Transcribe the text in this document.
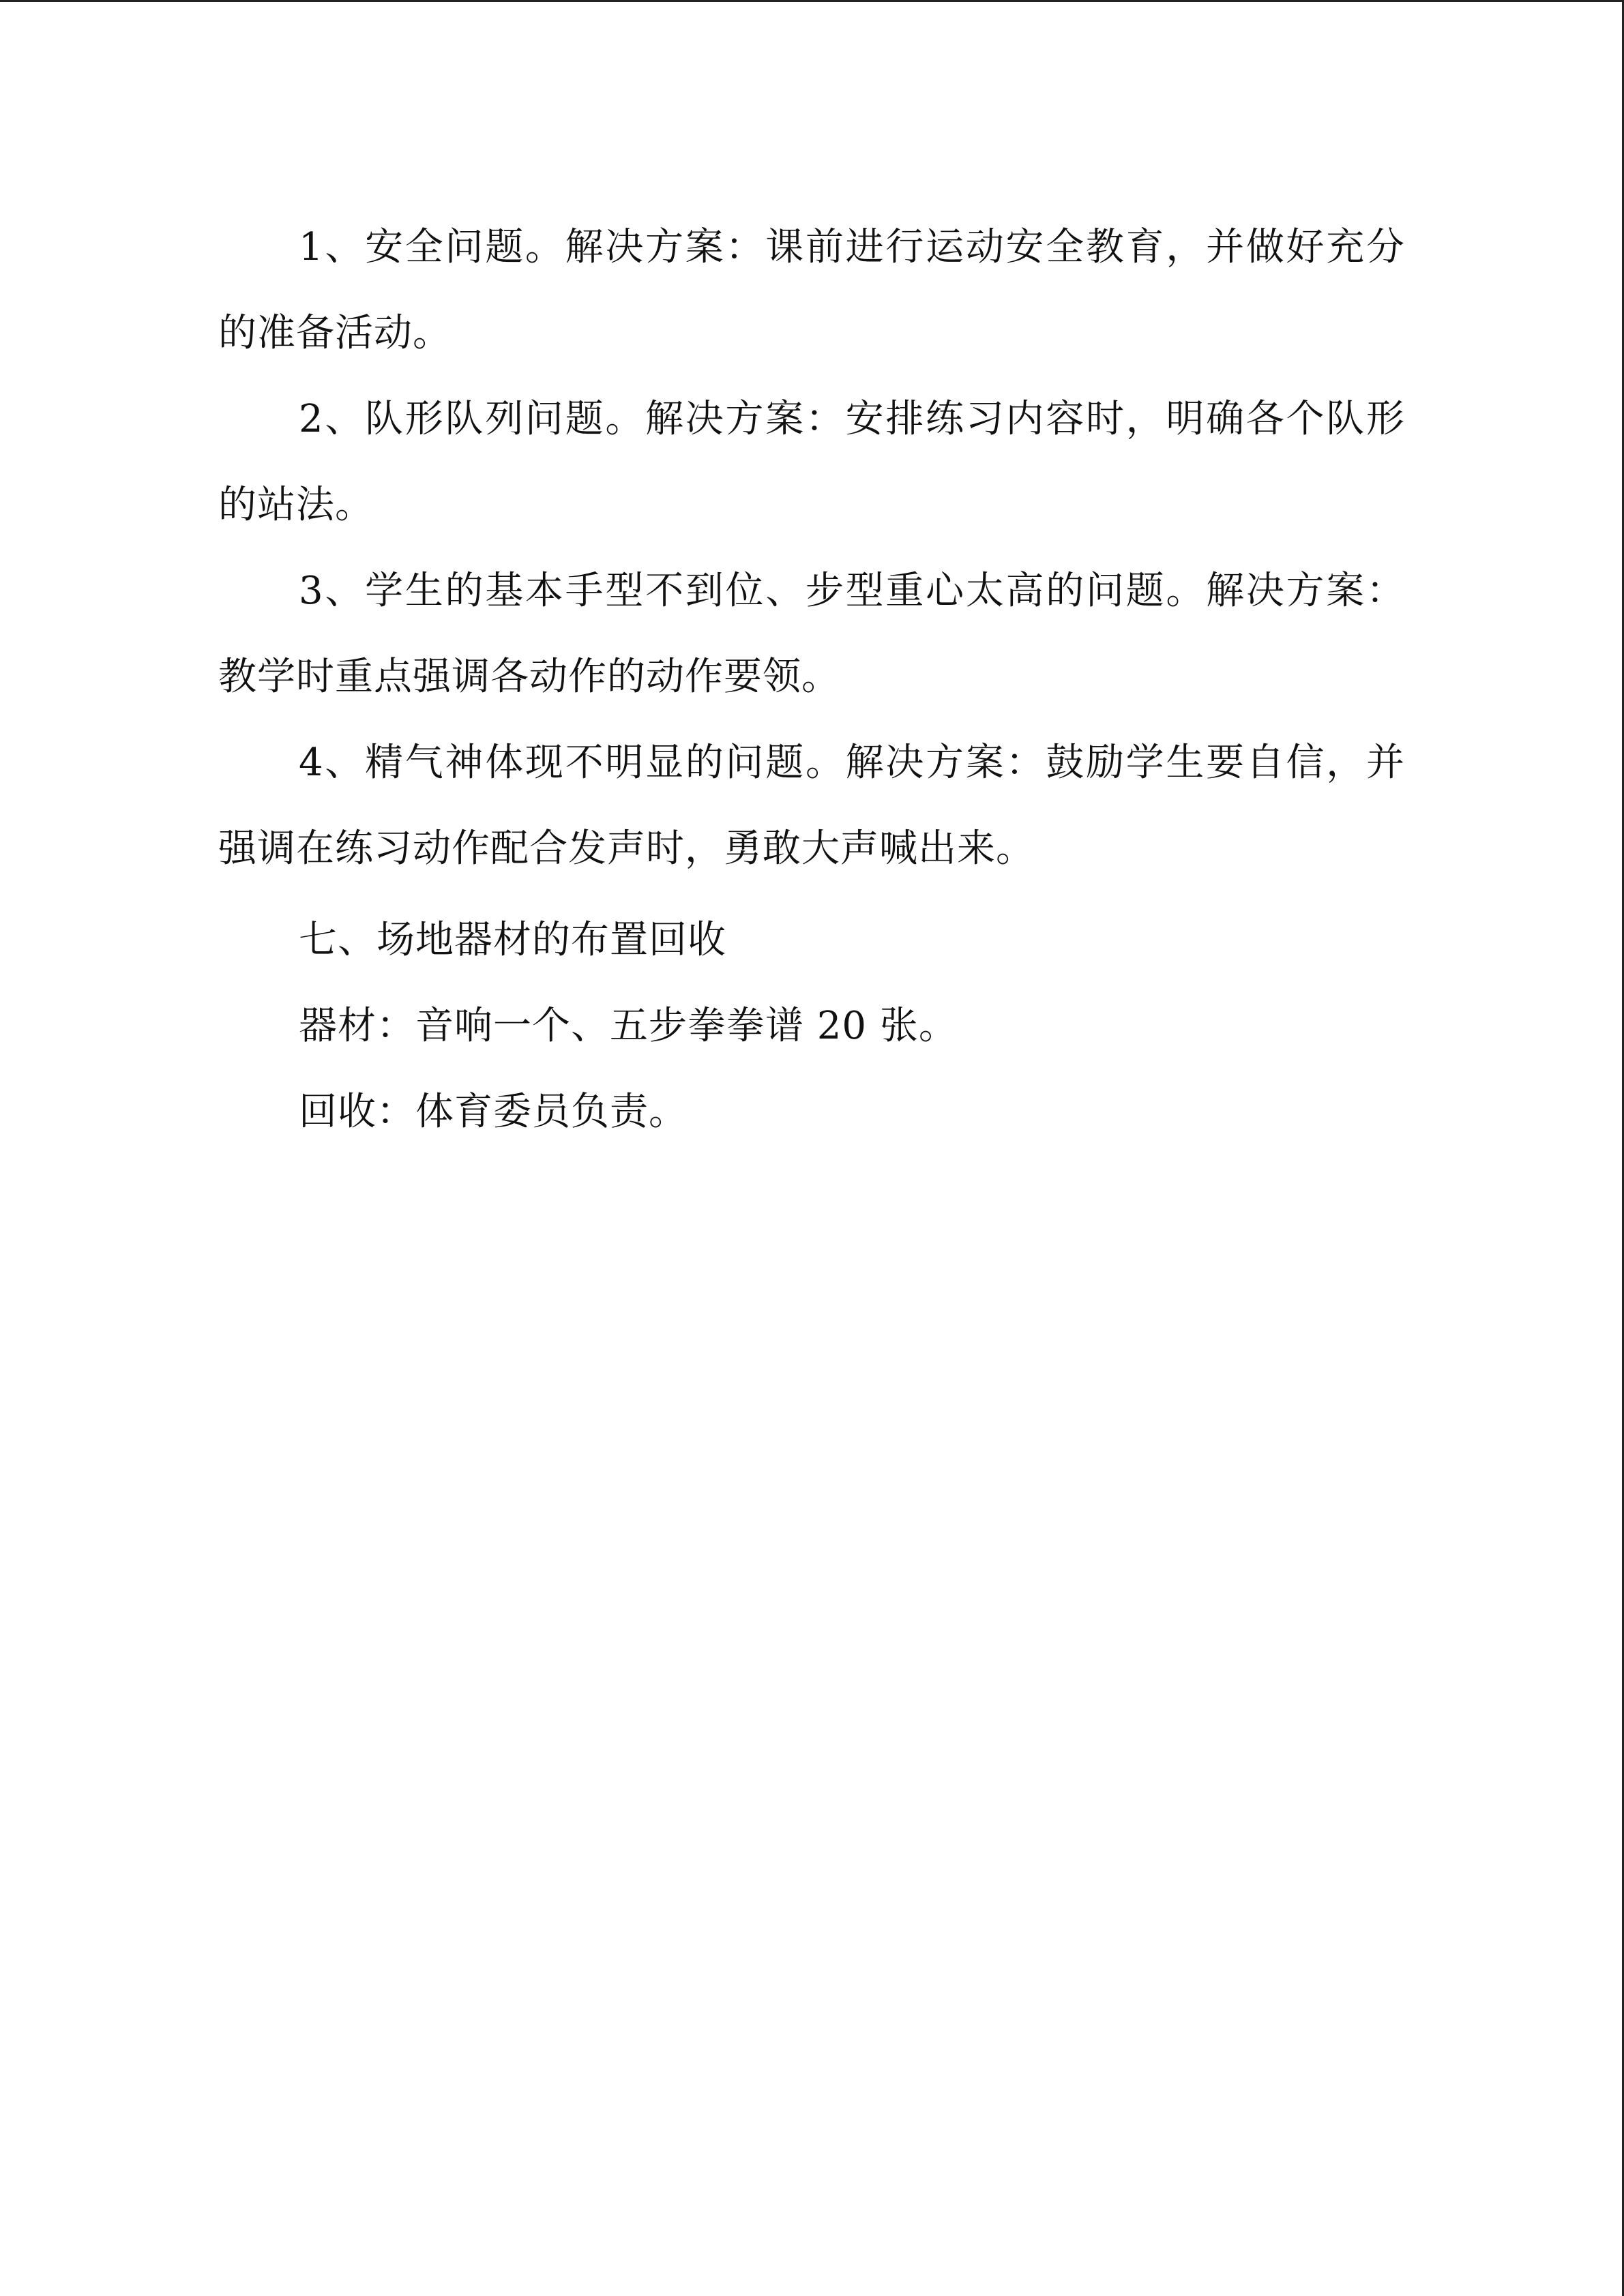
1、安全问题。解决方案：课前进行运动安全教育，并做好充分的准备活动。

2、队形队列问题。解决方案：安排练习内容时，明确各个队形的站法。

3、学生的基本手型不到位、步型重心太高的问题。解决方案：教学时重点强调各动作的动作要领。

4、精气神体现不明显的问题。解决方案：鼓励学生要自信，并强调在练习动作配合发声时，勇敢大声喊出来。

七、场地器材的布置回收

器材：音响一个、五步拳拳谱 20 张。

回收：体育委员负责。
